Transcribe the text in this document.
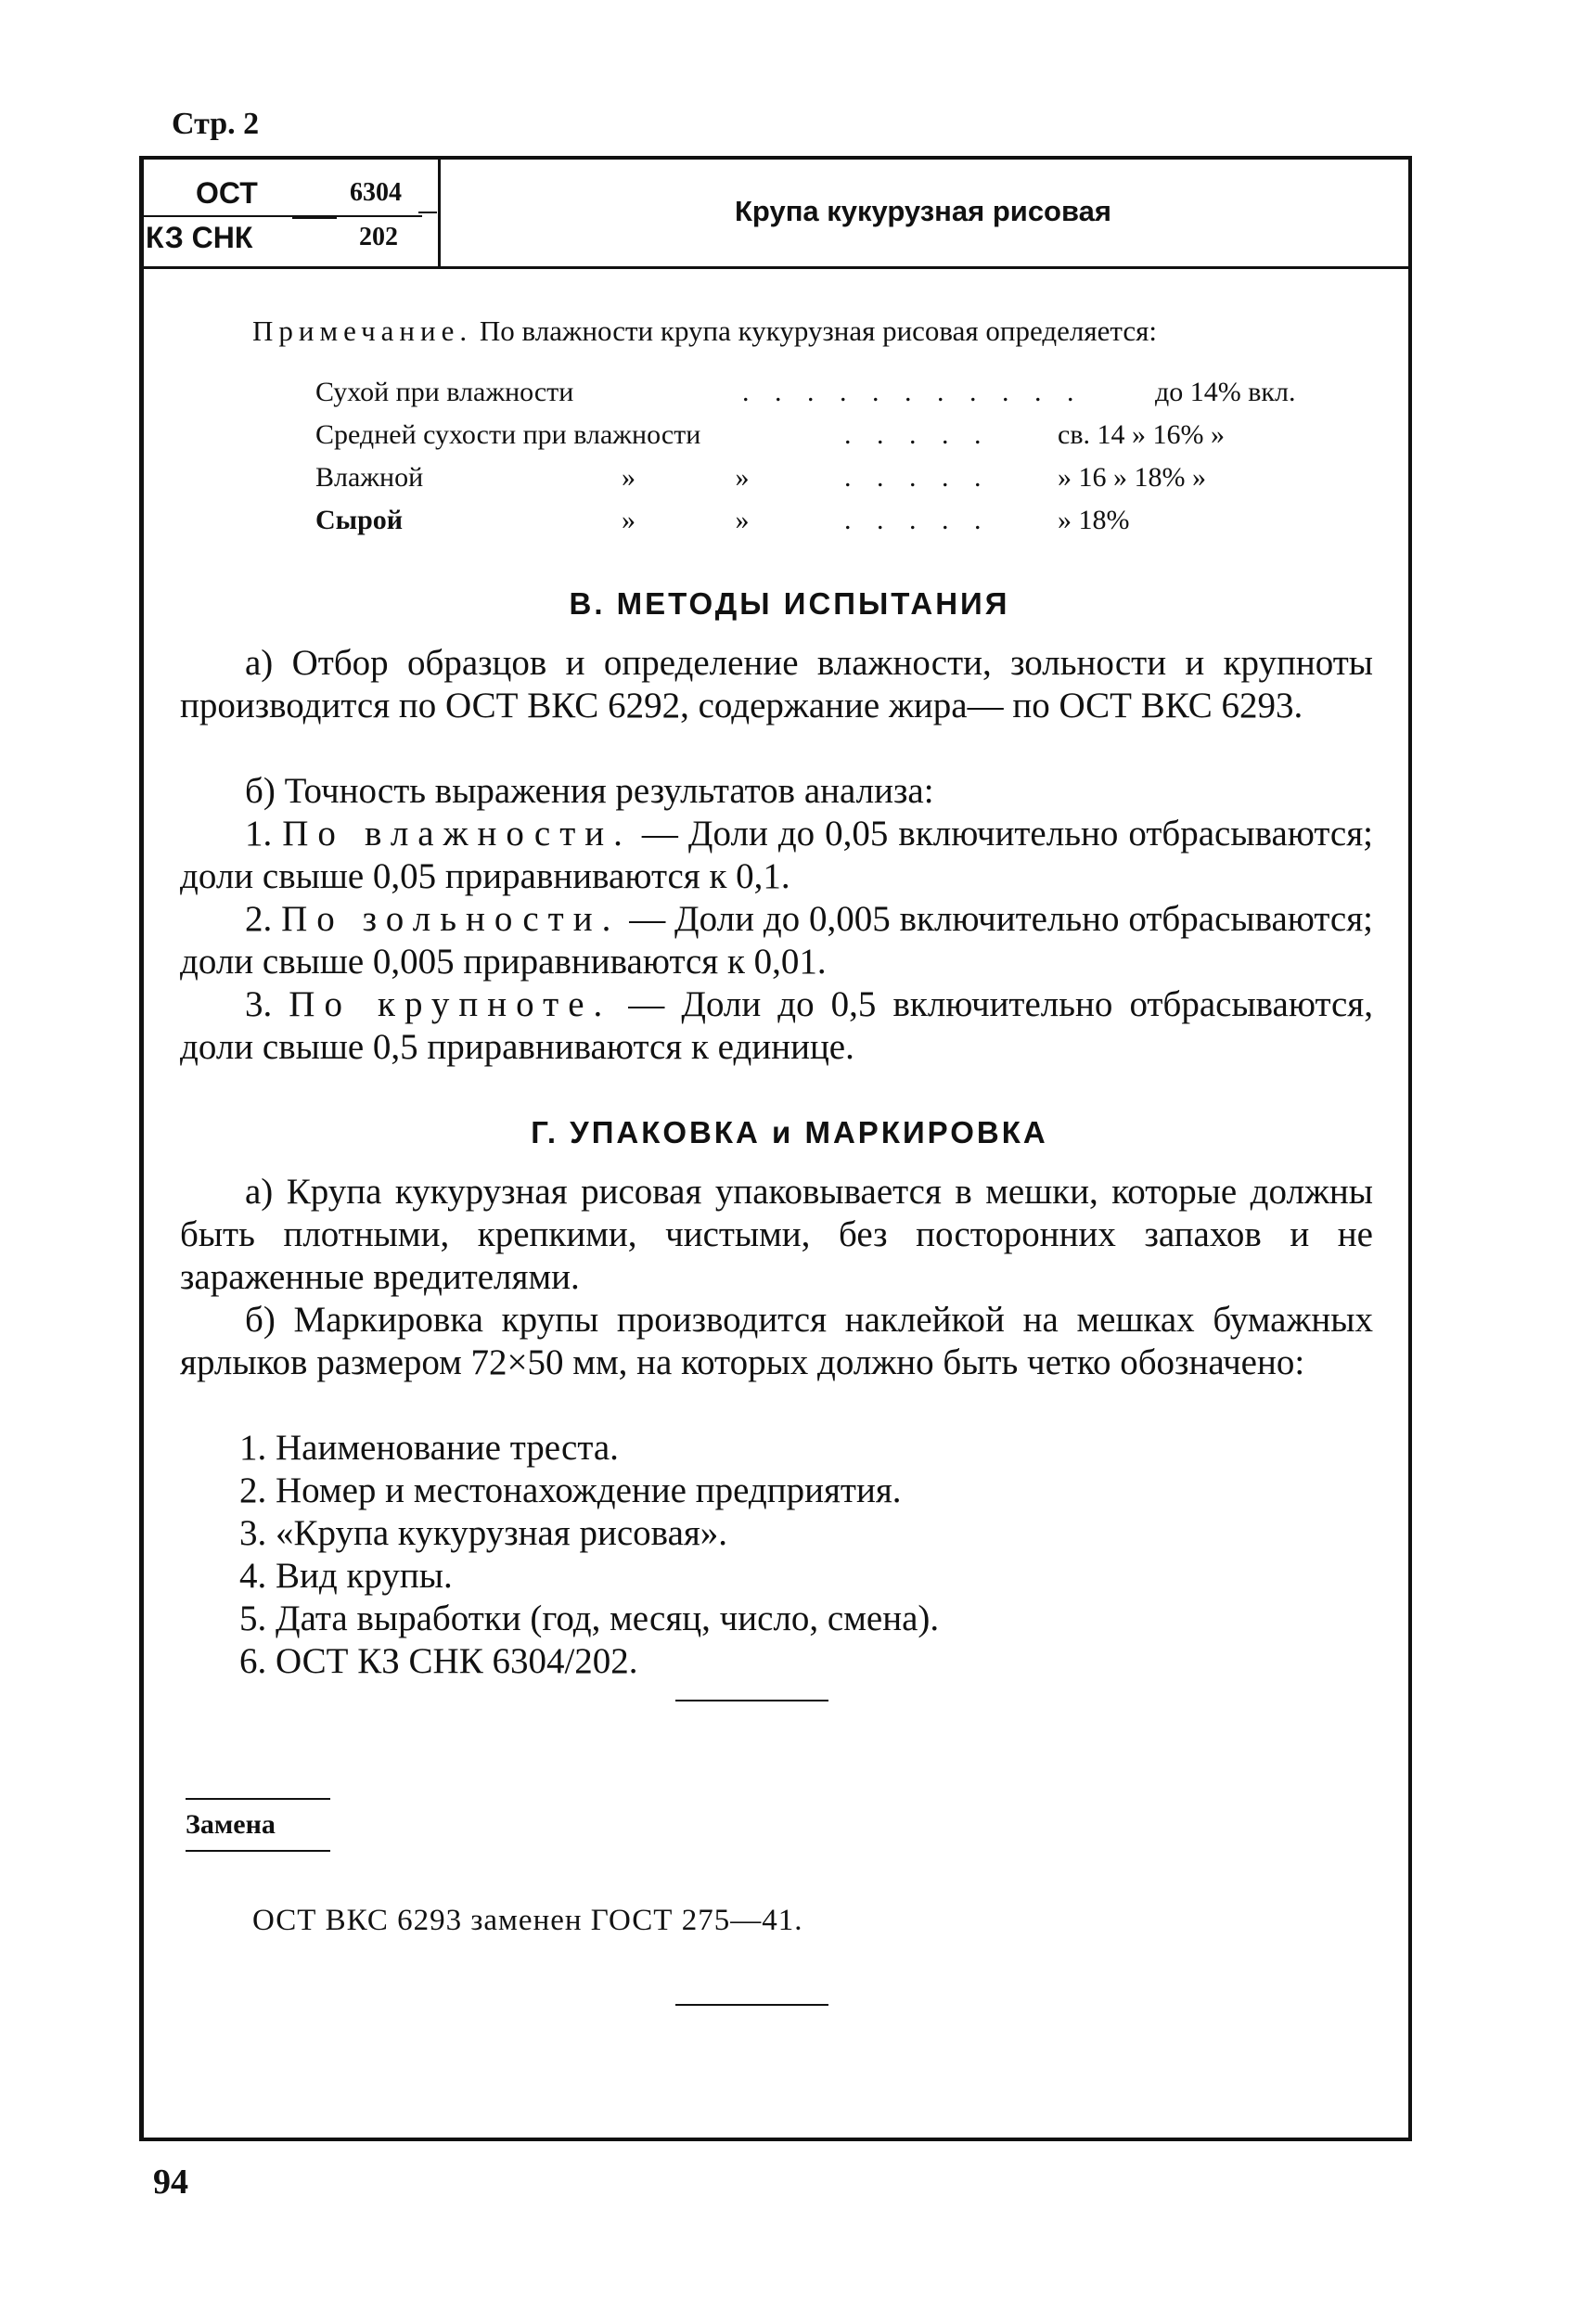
Стр. 2
ОСТ	6304
КЗ СНК	202
Крупа кукурузная рисовая
Примечание. По влажности крупа кукурузная рисовая определяется:
Сухой при влажности	. . . . . . . . . . .	до 14% вкл.
Средней сухости при влажности	. . . . . св. 14 » 16% »
Влажной	» »	. . . . . » 16 » 18% »
Сырой	» »	. . . . . » 18%
В. МЕТОДЫ ИСПЫТАНИЯ
а) Отбор образцов и определение влажности, зольности и крупноты производится по ОСТ ВКС 6292, содержание жира— по ОСТ ВКС 6293.
б) Точность выражения результатов анализа:
1. По влажности. — Доли до 0,05 включительно отбрасываются; доли свыше 0,05 приравниваются к 0,1.
2. По зольности. — Доли до 0,005 включительно отбрасываются; доли свыше 0,005 приравниваются к 0,01.
3. По крупноте. — Доли до 0,5 включительно отбрасываются, доли свыше 0,5 приравниваются к единице.
Г. УПАКОВКА и МАРКИРОВКА
а) Крупа кукурузная рисовая упаковывается в мешки, которые должны быть плотными, крепкими, чистыми, без посторонних запахов и не зараженные вредителями.
б) Маркировка крупы производится наклейкой на мешках бумажных ярлыков размером 72×50 мм, на которых должно быть четко обозначено:
1. Наименование треста.
2. Номер и местонахождение предприятия.
3. «Крупа кукурузная рисовая».
4. Вид крупы.
5. Дата выработки (год, месяц, число, смена).
6. ОСТ КЗ СНК 6304/202.
Замена
ОСТ ВКС 6293 заменен ГОСТ 275—41.
94
